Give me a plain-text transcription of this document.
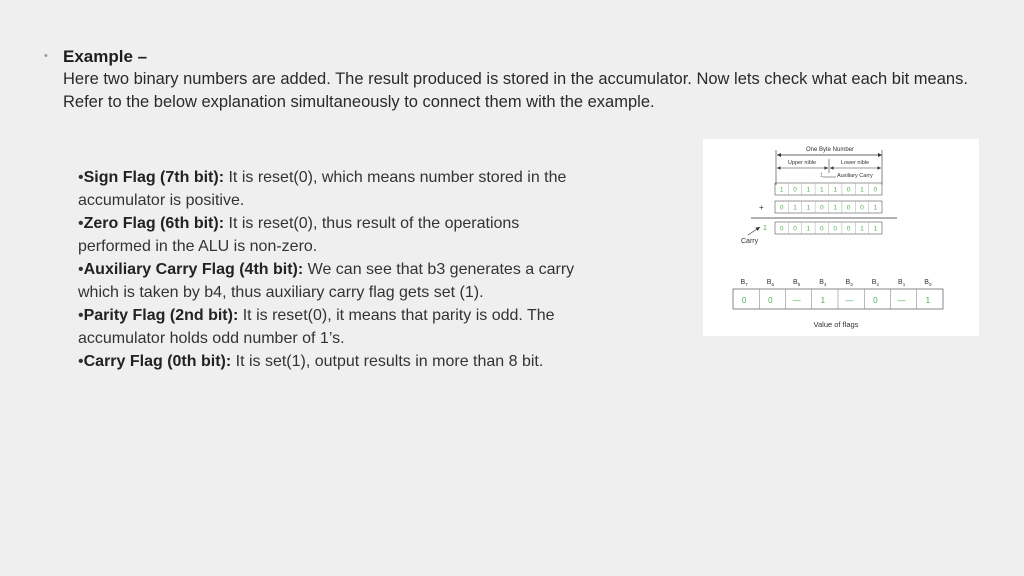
• Example –
Here two binary numbers are added. The result produced is stored in the accumulator. Now lets check what each bit means. Refer to the below explanation simultaneously to connect them with the example.
•Sign Flag (7th bit): It is reset(0), which means number stored in the accumulator is positive.
•Zero Flag (6th bit): It is reset(0), thus result of the operations performed in the ALU is non-zero.
•Auxiliary Carry Flag (4th bit): We can see that b3 generates a carry which is taken by b4, thus auxiliary carry flag gets set (1).
•Parity Flag (2nd bit): It is reset(0), it means that parity is odd. The accumulator holds odd number of 1’s.
•Carry Flag (0th bit): It is set(1), output results in more than 8 bit.
One Byte Number
Upper nible	Lower nible
1 Auxiliary Carry
1 0 1 1 1 0 1 0
+ 0 1 1 0 1 0 0 1
1 0 0 1 0 0 0 1 1
Carry
$B_7$	$B_6$	$B_5$	$B_4$	$B_3$	$B_2$	$B_1$	$B_0$
0	0	—	1	—	0	—	1
Value of flags
